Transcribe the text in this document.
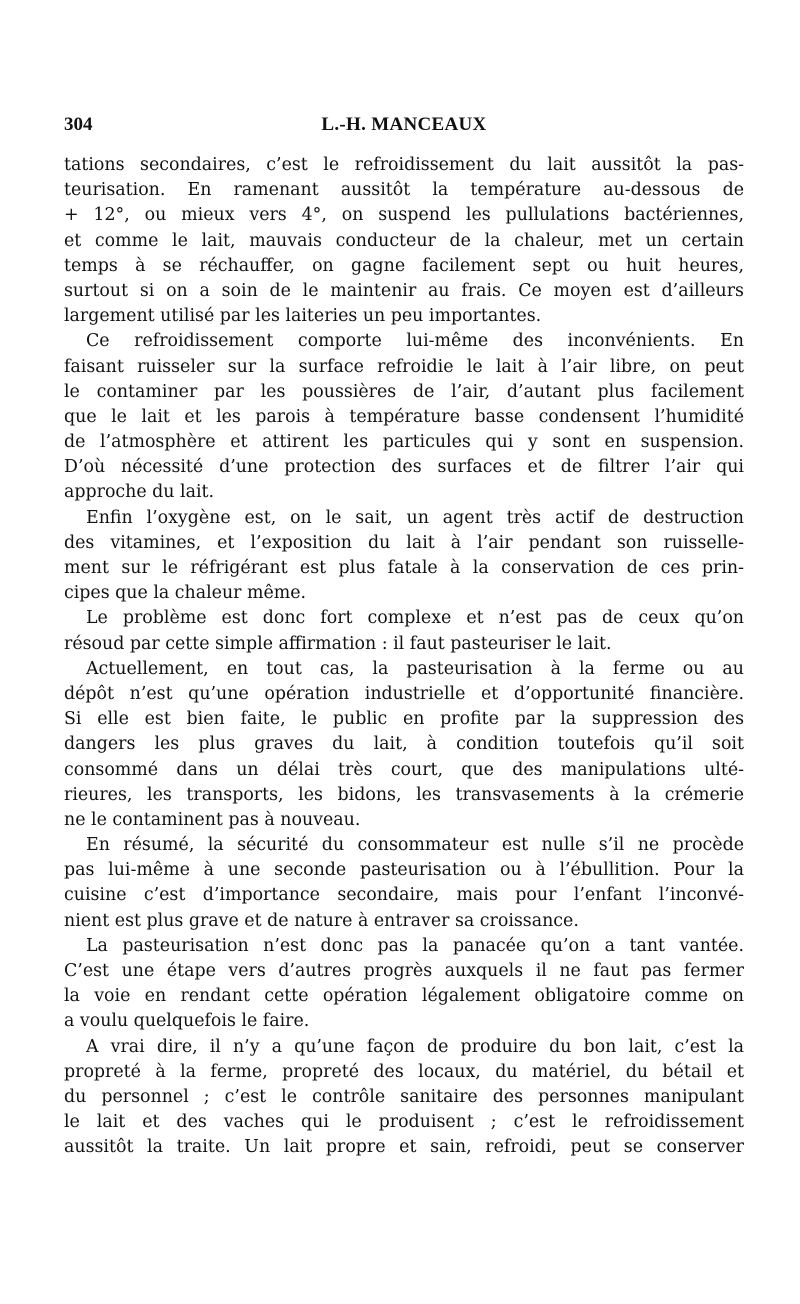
304	L.-H. MANCEAUX
tations secondaires, c’est le refroidissement du lait aussitôt la pas-
teurisation. En ramenant aussitôt la température au-dessous de
+ 12°, ou mieux vers 4°, on suspend les pullulations bactériennes,
et comme le lait, mauvais conducteur de la chaleur, met un certain
temps à se réchauffer, on gagne facilement sept ou huit heures,
surtout si on a soin de le maintenir au frais. Ce moyen est d’ailleurs
largement utilisé par les laiteries un peu importantes.
Ce refroidissement comporte lui-même des inconvénients. En
faisant ruisseler sur la surface refroidie le lait à l’air libre, on peut
le contaminer par les poussières de l’air, d’autant plus facilement
que le lait et les parois à température basse condensent l’humidité
de l’atmosphère et attirent les particules qui y sont en suspension.
D’où nécessité d’une protection des surfaces et de filtrer l’air qui
approche du lait.
Enfin l’oxygène est, on le sait, un agent très actif de destruction
des vitamines, et l’exposition du lait à l’air pendant son ruisselle-
ment sur le réfrigérant est plus fatale à la conservation de ces prin-
cipes que la chaleur même.
Le problème est donc fort complexe et n’est pas de ceux qu’on
résoud par cette simple affirmation : il faut pasteuriser le lait.
Actuellement, en tout cas, la pasteurisation à la ferme ou au
dépôt n’est qu’une opération industrielle et d’opportunité financière.
Si elle est bien faite, le public en profite par la suppression des
dangers les plus graves du lait, à condition toutefois qu’il soit
consommé dans un délai très court, que des manipulations ulté-
rieures, les transports, les bidons, les transvasements à la crémerie
ne le contaminent pas à nouveau.
En résumé, la sécurité du consommateur est nulle s’il ne procède
pas lui-même à une seconde pasteurisation ou à l’ébullition. Pour la
cuisine c’est d’importance secondaire, mais pour l’enfant l’inconvé-
nient est plus grave et de nature à entraver sa croissance.
La pasteurisation n’est donc pas la panacée qu’on a tant vantée.
C’est une étape vers d’autres progrès auxquels il ne faut pas fermer
la voie en rendant cette opération légalement obligatoire comme on
a voulu quelquefois le faire.
A vrai dire, il n’y a qu’une façon de produire du bon lait, c’est la
propreté à la ferme, propreté des locaux, du matériel, du bétail et
du personnel ; c’est le contrôle sanitaire des personnes manipulant
le lait et des vaches qui le produisent ; c’est le refroidissement
aussitôt la traite. Un lait propre et sain, refroidi, peut se conserver
